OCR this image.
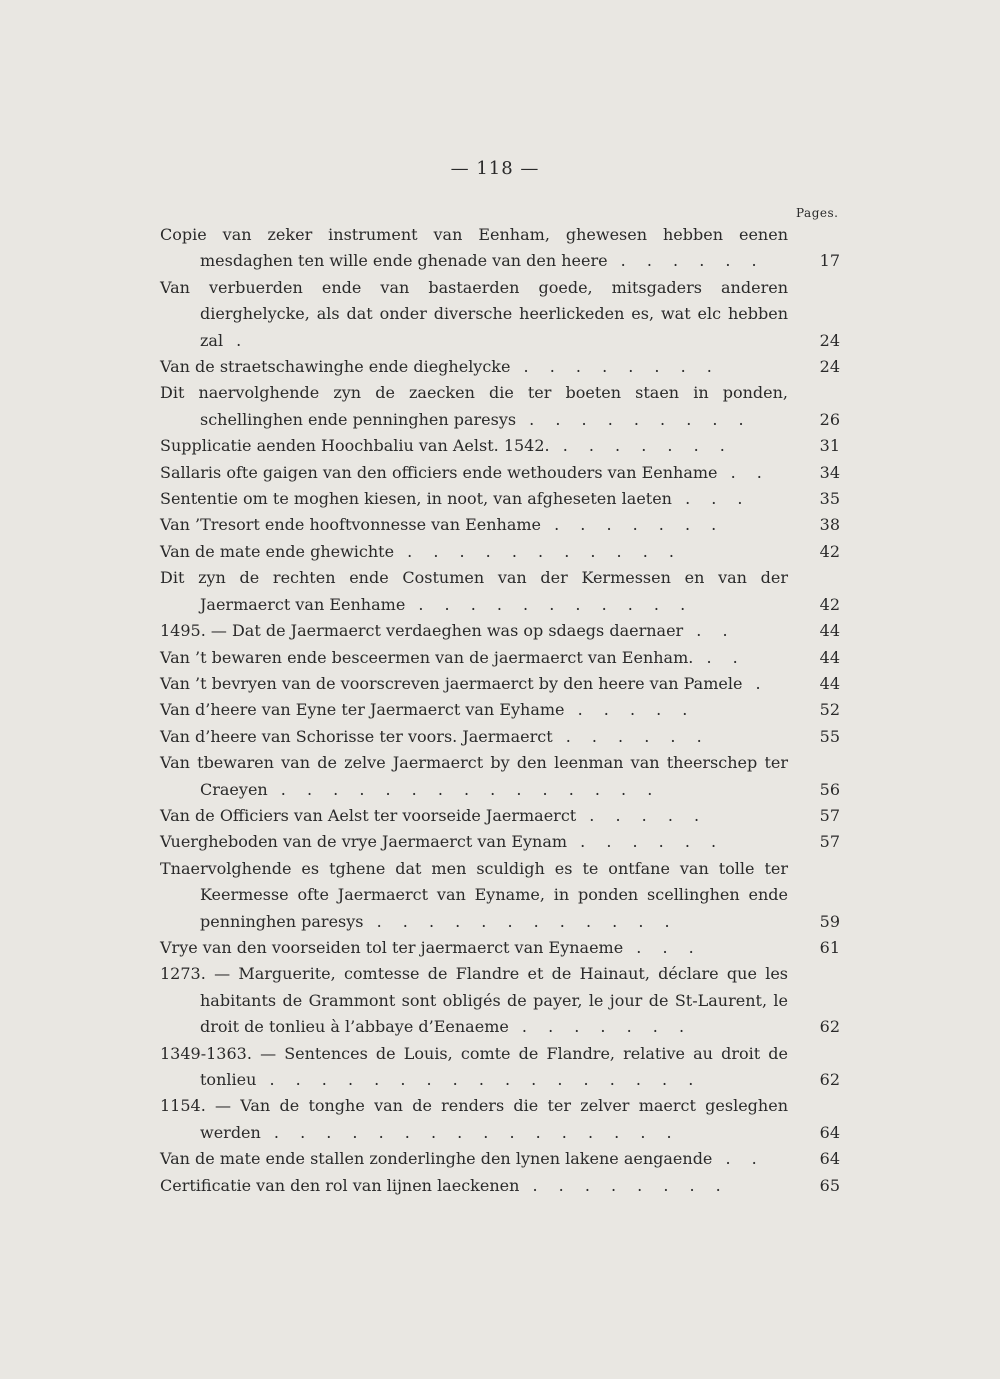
— 118 —
Pages.
Copie van zeker instrument van Eenham, ghewesen hebben eenen mesdaghen ten wille ende ghenade van den heere . . . . . .	17
Van verbuerden ende van bastaerden goede, mitsgaders anderen dierghelycke, als dat onder diversche heerlickeden es, wat elc hebben zal .	24
Van de straetschawinghe ende dieghelycke . . . . . . . .	24
Dit naervolghende zyn de zaecken die ter boeten staen in ponden, schellinghen ende penninghen paresys . . . . . . . . .	26
Supplicatie aenden Hoochbaliu van Aelst. 1542. . . . . . . .	31
Sallaris ofte gaigen van den officiers ende wethouders van Eenhame . .	34
Sententie om te moghen kiesen, in noot, van afgheseten laeten . . .	35
Van ’Tresort ende hooftvonnesse van Eenhame . . . . . . .	38
Van de mate ende ghewichte . . . . . . . . . . .	42
Dit zyn de rechten ende Costumen van der Kermessen en van der Jaermaerct van Eenhame . . . . . . . . . . .	42
1495. — Dat de Jaermaerct verdaeghen was op sdaegs daernaer . .	44
Van ’t bewaren ende besceermen van de jaermaerct van Eenham. . .	44
Van ’t bevryen van de voorscreven jaermaerct by den heere van Pamele .	44
Van d’heere van Eyne ter Jaermaerct van Eyhame . . . . .	52
Van d’heere van Schorisse ter voors. Jaermaerct . . . . . .	55
Van tbewaren van de zelve Jaermaerct by den leenman van theerschep ter Craeyen . . . . . . . . . . . . . . .	56
Van de Officiers van Aelst ter voorseide Jaermaerct . . . . .	57
Vuergheboden van de vrye Jaermaerct van Eynam . . . . . .	57
Tnaervolghende es tghene dat men sculdigh es te ontfane van tolle ter Keermesse ofte Jaermaerct van Eyname, in ponden scellinghen ende penninghen paresys . . . . . . . . . . . .	59
Vrye van den voorseiden tol ter jaermaerct van Eynaeme . . .	61
1273. — Marguerite, comtesse de Flandre et de Hainaut, déclare que les habitants de Grammont sont obligés de payer, le jour de St-Laurent, le droit de tonlieu à l’abbaye d’Eenaeme . . . . . . .	62
1349-1363. — Sentences de Louis, comte de Flandre, relative au droit de tonlieu . . . . . . . . . . . . . . . . .	62
1154. — Van de tonghe van de renders die ter zelver maerct gesleghen werden . . . . . . . . . . . . . . . .	64
Van de mate ende stallen zonderlinghe den lynen lakene aengaende . .	64
Certificatie van den rol van lijnen laeckenen . . . . . . . .	65
